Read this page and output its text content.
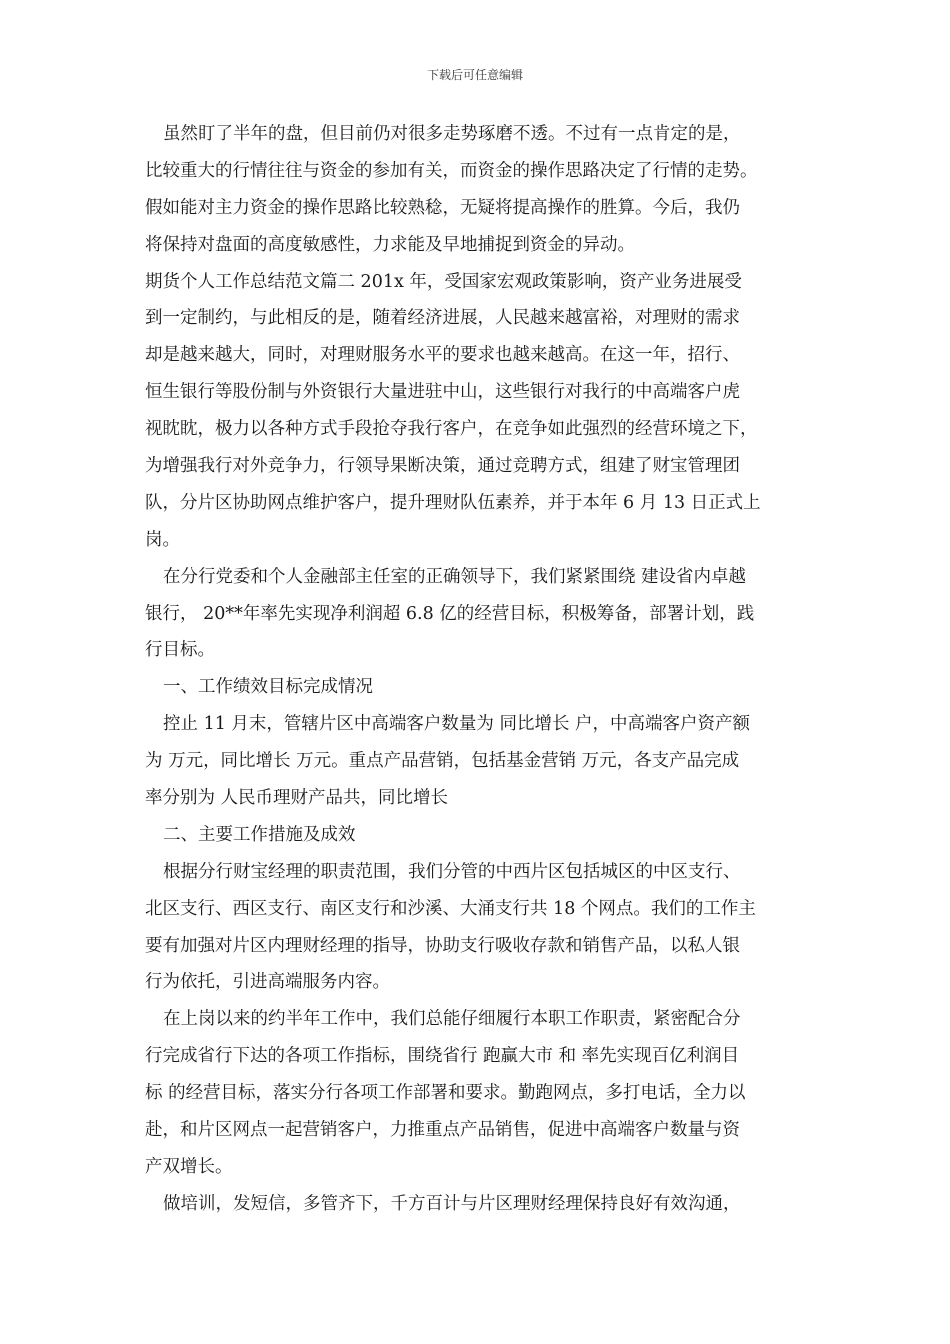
下载后可任意编辑
虽然盯了半年的盘，但目前仍对很多走势琢磨不透。不过有一点肯定的是，
比较重大的行情往往与资金的参加有关，而资金的操作思路决定了行情的走势。
假如能对主力资金的操作思路比较熟稔，无疑将提高操作的胜算。今后，我仍
将保持对盘面的高度敏感性，力求能及早地捕捉到资金的异动。
期货个人工作总结范文篇二 201x 年，受国家宏观政策影响，资产业务进展受
到一定制约，与此相反的是，随着经济进展，人民越来越富裕，对理财的需求
却是越来越大，同时，对理财服务水平的要求也越来越高。在这一年，招行、
恒生银行等股份制与外资银行大量进驻中山，这些银行对我行的中高端客户虎
视眈眈，极力以各种方式手段抢夺我行客户，在竞争如此强烈的经营环境之下，
为增强我行对外竞争力，行领导果断决策，通过竞聘方式，组建了财宝管理团
队，分片区协助网点维护客户，提升理财队伍素养，并于本年 6 月 13 日正式上
岗。
在分行党委和个人金融部主任室的正确领导下，我们紧紧围绕 建设省内卓越
银行， 20**年率先实现净利润超 6.8 亿的经营目标，积极筹备，部署计划，践
行目标。
一、工作绩效目标完成情况
控止 11 月末，管辖片区中高端客户数量为 同比增长 户，中高端客户资产额
为 万元，同比增长 万元。重点产品营销，包括基金营销 万元，各支产品完成
率分别为 人民币理财产品共，同比增长
二、主要工作措施及成效
根据分行财宝经理的职责范围，我们分管的中西片区包括城区的中区支行、
北区支行、西区支行、南区支行和沙溪、大涌支行共 18 个网点。我们的工作主
要有加强对片区内理财经理的指导，协助支行吸收存款和销售产品，以私人银
行为依托，引进高端服务内容。
在上岗以来的约半年工作中，我们总能仔细履行本职工作职责，紧密配合分
行完成省行下达的各项工作指标，围绕省行 跑赢大市 和 率先实现百亿利润目
标 的经营目标，落实分行各项工作部署和要求。勤跑网点，多打电话，全力以
赴，和片区网点一起营销客户，力推重点产品销售，促进中高端客户数量与资
产双增长。
做培训，发短信，多管齐下，千方百计与片区理财经理保持良好有效沟通，
